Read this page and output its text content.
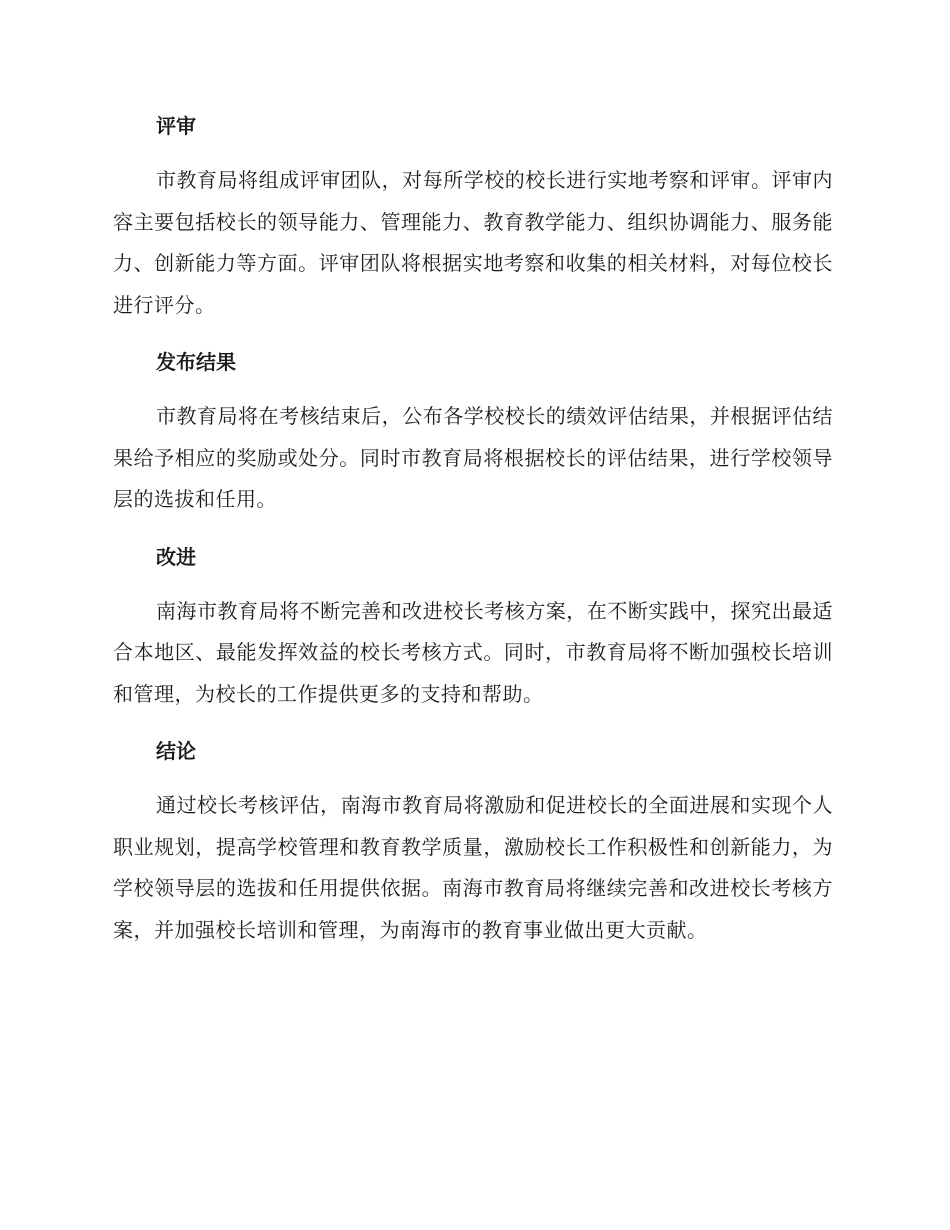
评审

市教育局将组成评审团队，对每所学校的校长进行实地考察和评审。评审内容主要包括校长的领导能力、管理能力、教育教学能力、组织协调能力、服务能力、创新能力等方面。评审团队将根据实地考察和收集的相关材料，对每位校长进行评分。

发布结果

市教育局将在考核结束后，公布各学校校长的绩效评估结果，并根据评估结果给予相应的奖励或处分。同时市教育局将根据校长的评估结果，进行学校领导层的选拔和任用。

改进

南海市教育局将不断完善和改进校长考核方案，在不断实践中，探究出最适合本地区、最能发挥效益的校长考核方式。同时，市教育局将不断加强校长培训和管理，为校长的工作提供更多的支持和帮助。

结论

通过校长考核评估，南海市教育局将激励和促进校长的全面进展和实现个人职业规划，提高学校管理和教育教学质量，激励校长工作积极性和创新能力，为学校领导层的选拔和任用提供依据。南海市教育局将继续完善和改进校长考核方案，并加强校长培训和管理，为南海市的教育事业做出更大贡献。
